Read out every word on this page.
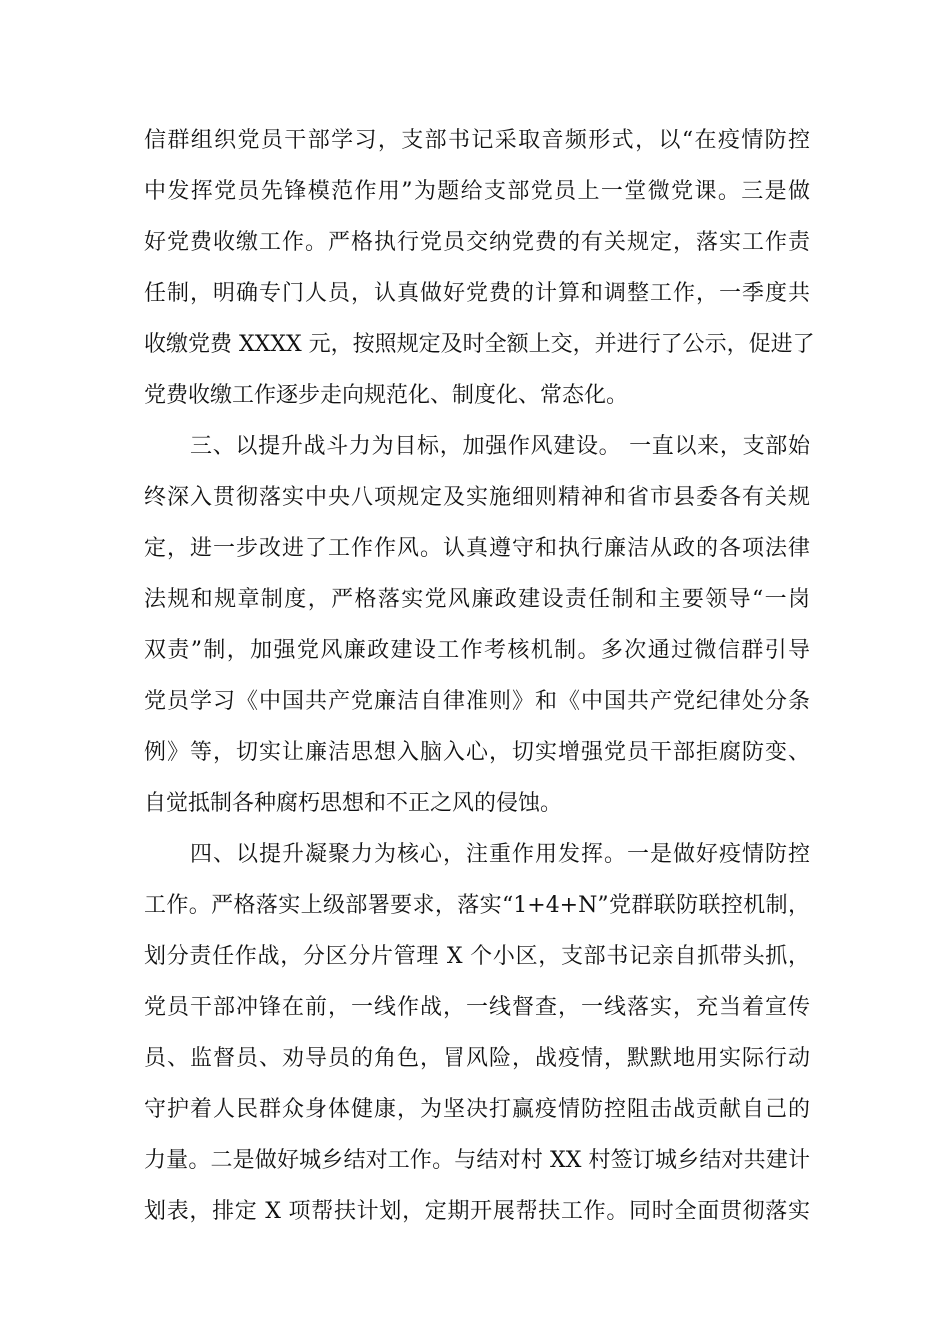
信群组织党员干部学习，支部书记采取音频形式，以“在疫情防控
中发挥党员先锋模范作用”为题给支部党员上一堂微党课。三是做
好党费收缴工作。严格执行党员交纳党费的有关规定，落实工作责
任制，明确专门人员，认真做好党费的计算和调整工作，一季度共
收缴党费 XXXX 元，按照规定及时全额上交，并进行了公示，促进了
党费收缴工作逐步走向规范化、制度化、常态化。
三、以提升战斗力为目标，加强作风建设。 一直以来，支部始
终深入贯彻落实中央八项规定及实施细则精神和省市县委各有关规
定，进一步改进了工作作风。认真遵守和执行廉洁从政的各项法律
法规和规章制度，严格落实党风廉政建设责任制和主要领导“一岗
双责”制，加强党风廉政建设工作考核机制。多次通过微信群引导
党员学习《中国共产党廉洁自律准则》和《中国共产党纪律处分条
例》等，切实让廉洁思想入脑入心，切实增强党员干部拒腐防变、
自觉抵制各种腐朽思想和不正之风的侵蚀。
四、以提升凝聚力为核心，注重作用发挥。一是做好疫情防控
工作。严格落实上级部署要求，落实“1+4+N”党群联防联控机制，
划分责任作战，分区分片管理 X 个小区，支部书记亲自抓带头抓，
党员干部冲锋在前，一线作战，一线督查，一线落实，充当着宣传
员、监督员、劝导员的角色，冒风险，战疫情，默默地用实际行动
守护着人民群众身体健康，为坚决打赢疫情防控阻击战贡献自己的
力量。二是做好城乡结对工作。与结对村 XX 村签订城乡结对共建计
划表，排定 X 项帮扶计划，定期开展帮扶工作。同时全面贯彻落实
